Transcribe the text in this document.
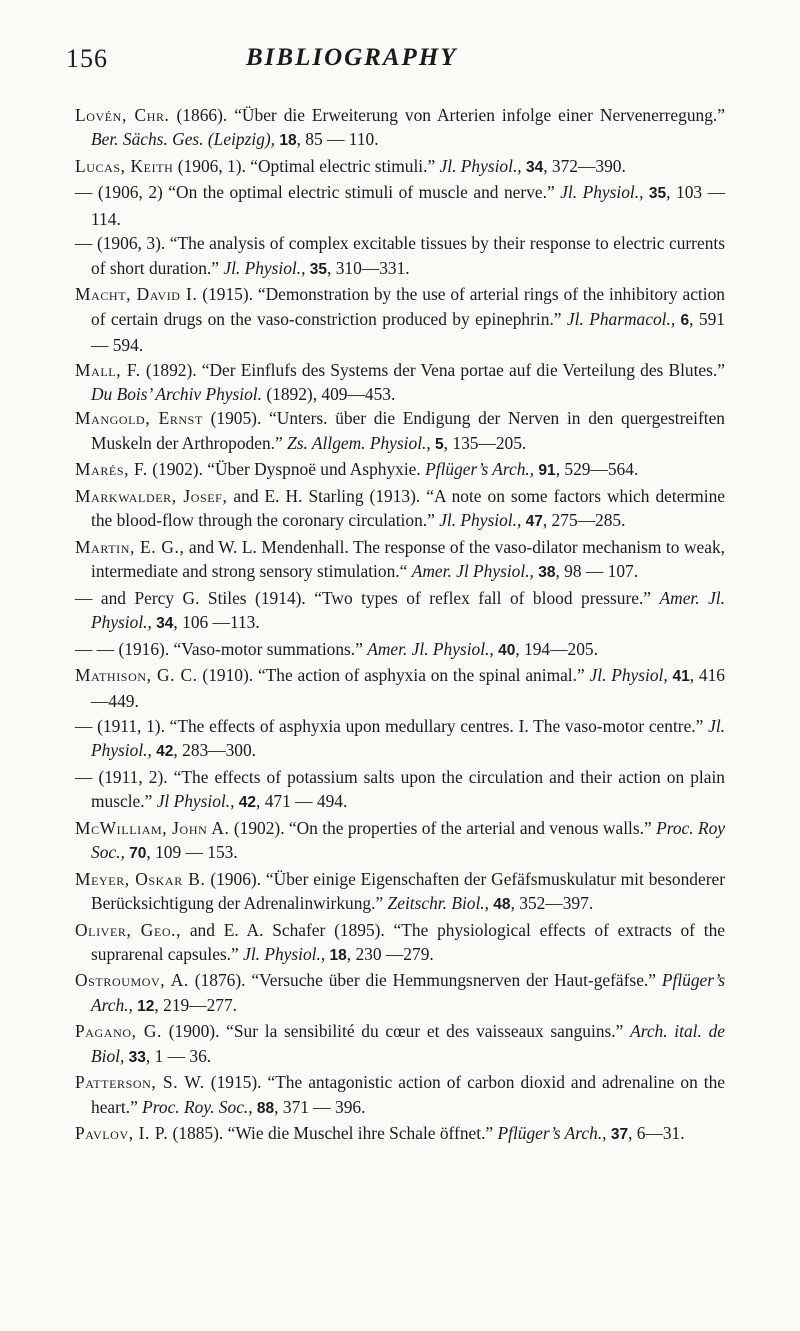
156	BIBLIOGRAPHY

Lovén, Chr. (1866). “Über die Erweiterung von Arterien infolge einer Nervenerregung.” Ber. Sächs. Ges. (Leipzig), 18, 85 — 110.

Lucas, Keith (1906, 1). “Optimal electric stimuli.” Jl. Physiol., 34, 372—390.

— (1906, 2) “On the optimal electric stimuli of muscle and nerve.” Jl. Physiol., 35, 103 — 114.

— (1906, 3). “The analysis of complex excitable tissues by their response to electric currents of short duration.” Jl. Physiol., 35, 310—331.

Macht, David I. (1915). “Demonstration by the use of arterial rings of the inhibitory action of certain drugs on the vaso-constriction produced by epinephrin.” Jl. Pharmacol., 6, 591 — 594.

Mall, F. (1892). “Der Einflufs des Systems der Vena portae auf die Verteilung des Blutes.” Du Bois’ Archiv Physiol. (1892), 409—453.

Mangold, Ernst (1905). “Unters. über die Endigung der Nerven in den quergestreiften Muskeln der Arthropoden.” Zs. Allgem. Physiol., 5, 135—205.

Marés, F. (1902). “Über Dyspnoë und Asphyxie. Pflüger’s Arch., 91, 529—564.

Markwalder, Josef, and E. H. Starling (1913). “A note on some factors which determine the blood-flow through the coronary circulation.” Jl. Physiol., 47, 275—285.

Martin, E. G., and W. L. Mendenhall. The response of the vaso-dilator mechanism to weak, intermediate and strong sensory stimulation.“ Amer. Jl Physiol., 38, 98 — 107.

— and Percy G. Stiles (1914). “Two types of reflex fall of blood pressure.” Amer. Jl. Physiol., 34, 106 —113.

— — (1916). “Vaso-motor summations.” Amer. Jl. Physiol., 40, 194—205.

Mathison, G. C. (1910). “The action of asphyxia on the spinal animal.” Jl. Physiol, 41, 416—449.

— (1911, 1). “The effects of asphyxia upon medullary centres. I. The vaso-motor centre.” Jl. Physiol., 42, 283—300.

— (1911, 2). “The effects of potassium salts upon the circulation and their action on plain muscle.” Jl Physiol., 42, 471 — 494.

McWilliam, John A. (1902). “On the properties of the arterial and venous walls.” Proc. Roy Soc., 70, 109 — 153.

Meyer, Oskar B. (1906). “Über einige Eigenschaften der Gefäfsmuskulatur mit besonderer Berücksichtigung der Adrenalinwirkung.” Zeitschr. Biol., 48, 352—397.

Oliver, Geo., and E. A. Schafer (1895). “The physiological effects of extracts of the suprarenal capsules.” Jl. Physiol., 18, 230 —279.

Ostroumov, A. (1876). “Versuche über die Hemmungsnerven der Haut-gefäfse.” Pflüger’s Arch., 12, 219—277.

Pagano, G. (1900). “Sur la sensibilité du cœur et des vaisseaux sanguins.” Arch. ital. de Biol, 33, 1 — 36.

Patterson, S. W. (1915). “The antagonistic action of carbon dioxid and adrenaline on the heart.” Proc. Roy. Soc., 88, 371 — 396.

Pavlov, I. P. (1885). “Wie die Muschel ihre Schale öffnet.” Pflüger’s Arch., 37, 6—31.
